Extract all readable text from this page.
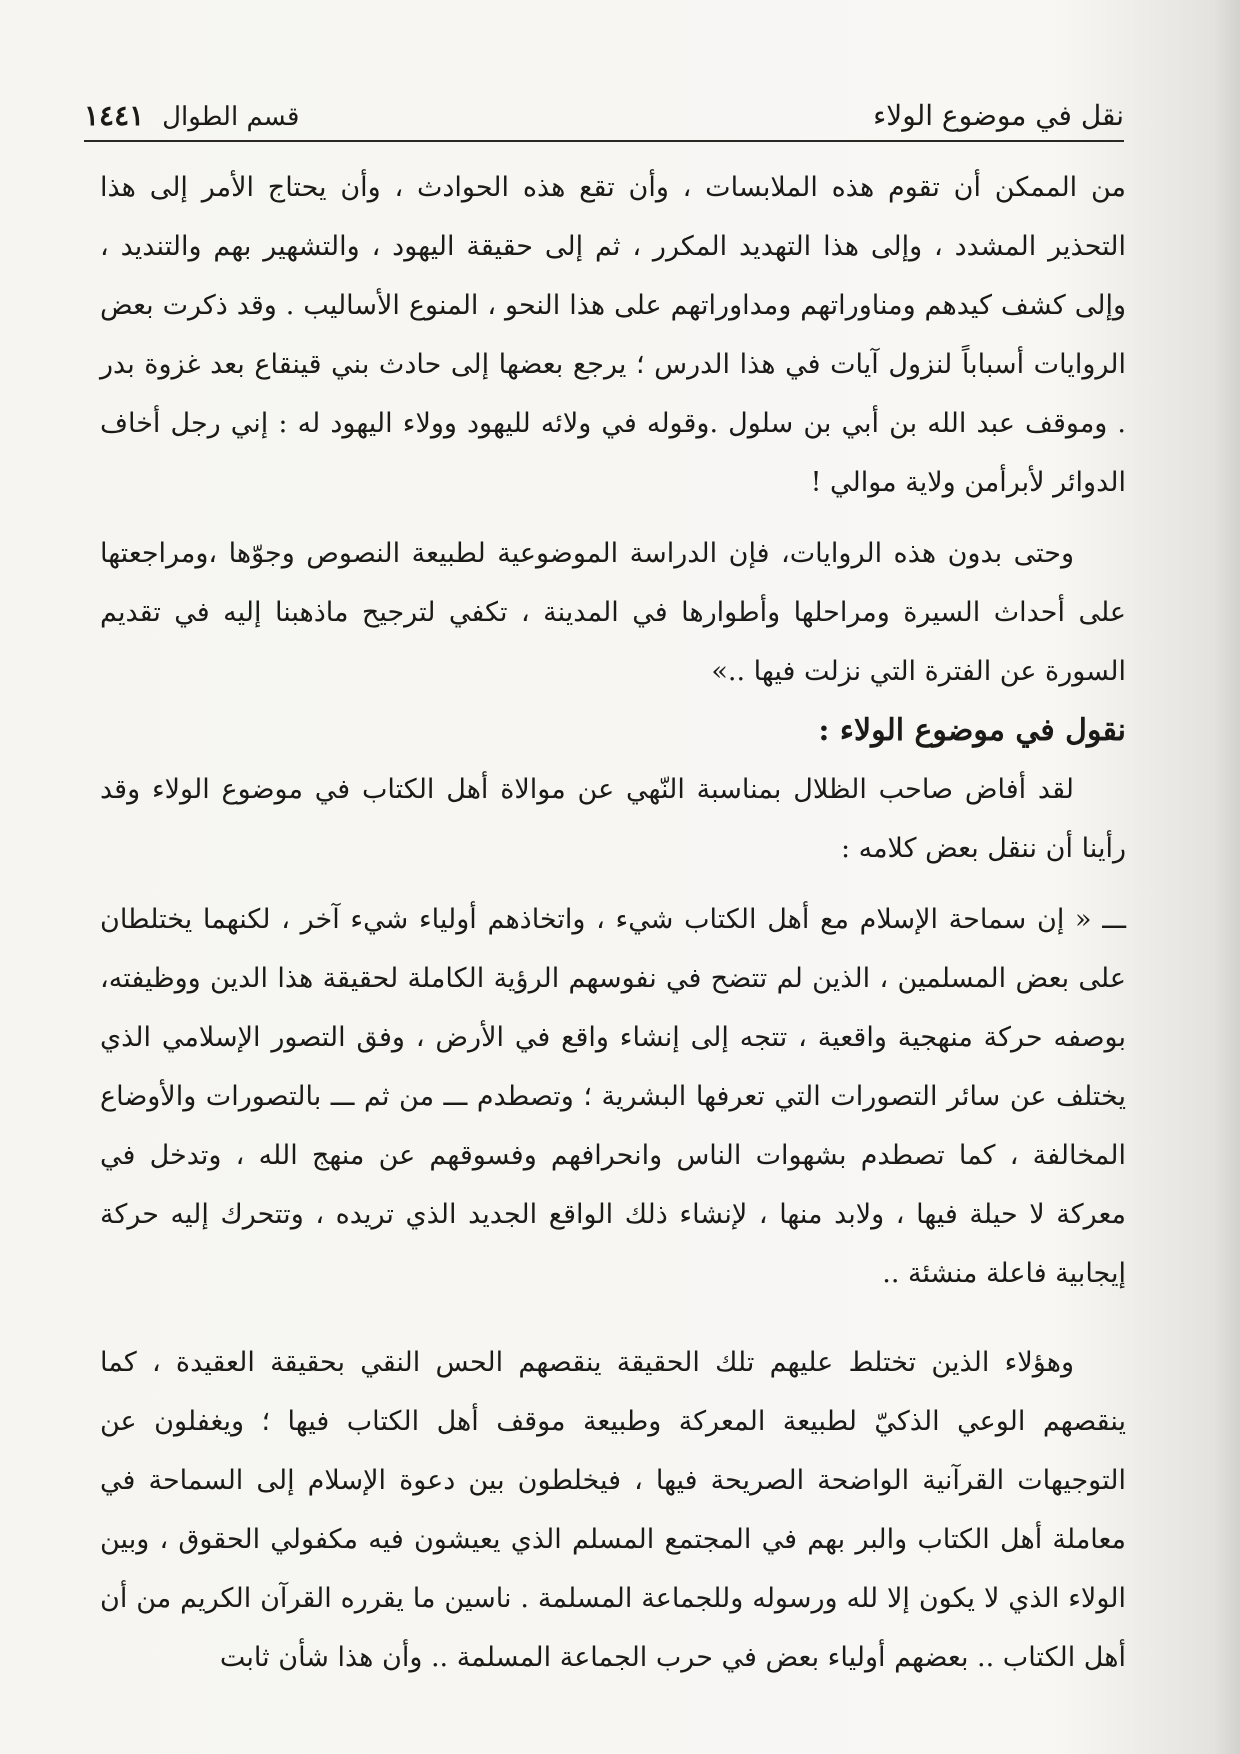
نقل في موضوع الولاء
قسم الطوال
١٤٤١

من الممكن أن تقوم هذه الملابسات ، وأن تقع هذه الحوادث ، وأن يحتاج الأمر إلى هذا التحذير المشدد ، وإلى هذا التهديد المكرر ، ثم إلى حقيقة اليهود ، والتشهير بهم والتنديد ، وإلى كشف كيدهم ومناوراتهم ومداوراتهم على هذا النحو ، المنوع الأساليب . وقد ذكرت بعض الروايات أسباباً لنزول آيات في هذا الدرس ؛ يرجع بعضها إلى حادث بني قينقاع بعد غزوة بدر . وموقف عبد الله بن أبي بن سلول .وقوله في ولائه لليهود وولاء اليهود له : إني رجل أخاف الدوائر لأبرأمن ولاية موالي !

وحتى بدون هذه الروايات، فإن الدراسة الموضوعية لطبيعة النصوص وجوّها ،ومراجعتها على أحداث السيرة ومراحلها وأطوارها في المدينة ، تكفي لترجيح ماذهبنا إليه في تقديم السورة عن الفترة التي نزلت فيها ..»

نقول في موضوع الولاء :

لقد أفاض صاحب الظلال بمناسبة النّهي عن موالاة أهل الكتاب في موضوع الولاء وقد رأينا أن ننقل بعض كلامه :

ـــ « إن سماحة الإسلام مع أهل الكتاب شيء ، واتخاذهم أولياء شيء آخر ، لكنهما يختلطان على بعض المسلمين ، الذين لم تتضح في نفوسهم الرؤية الكاملة لحقيقة هذا الدين ووظيفته، بوصفه حركة منهجية واقعية ، تتجه إلى إنشاء واقع في الأرض ، وفق التصور الإسلامي الذي يختلف عن سائر التصورات التي تعرفها البشرية ؛ وتصطدم ـــ من ثم ـــ بالتصورات والأوضاع المخالفة ، كما تصطدم بشهوات الناس وانحرافهم وفسوقهم عن منهج الله ، وتدخل في معركة لا حيلة فيها ، ولابد منها ، لإنشاء ذلك الواقع الجديد الذي تريده ، وتتحرك إليه حركة إيجابية فاعلة منشئة ..

وهؤلاء الذين تختلط عليهم تلك الحقيقة ينقصهم الحس النقي بحقيقة العقيدة ، كما ينقصهم الوعي الذكيّ لطبيعة المعركة وطبيعة موقف أهل الكتاب فيها ؛ ويغفلون عن التوجيهات القرآنية الواضحة الصريحة فيها ، فيخلطون بين دعوة الإسلام إلى السماحة في معاملة أهل الكتاب والبر بهم في المجتمع المسلم الذي يعيشون فيه مكفولي الحقوق ، وبين الولاء الذي لا يكون إلا لله ورسوله وللجماعة المسلمة . ناسين ما يقرره القرآن الكريم من أن أهل الكتاب .. بعضهم أولياء بعض في حرب الجماعة المسلمة .. وأن هذا شأن ثابت
